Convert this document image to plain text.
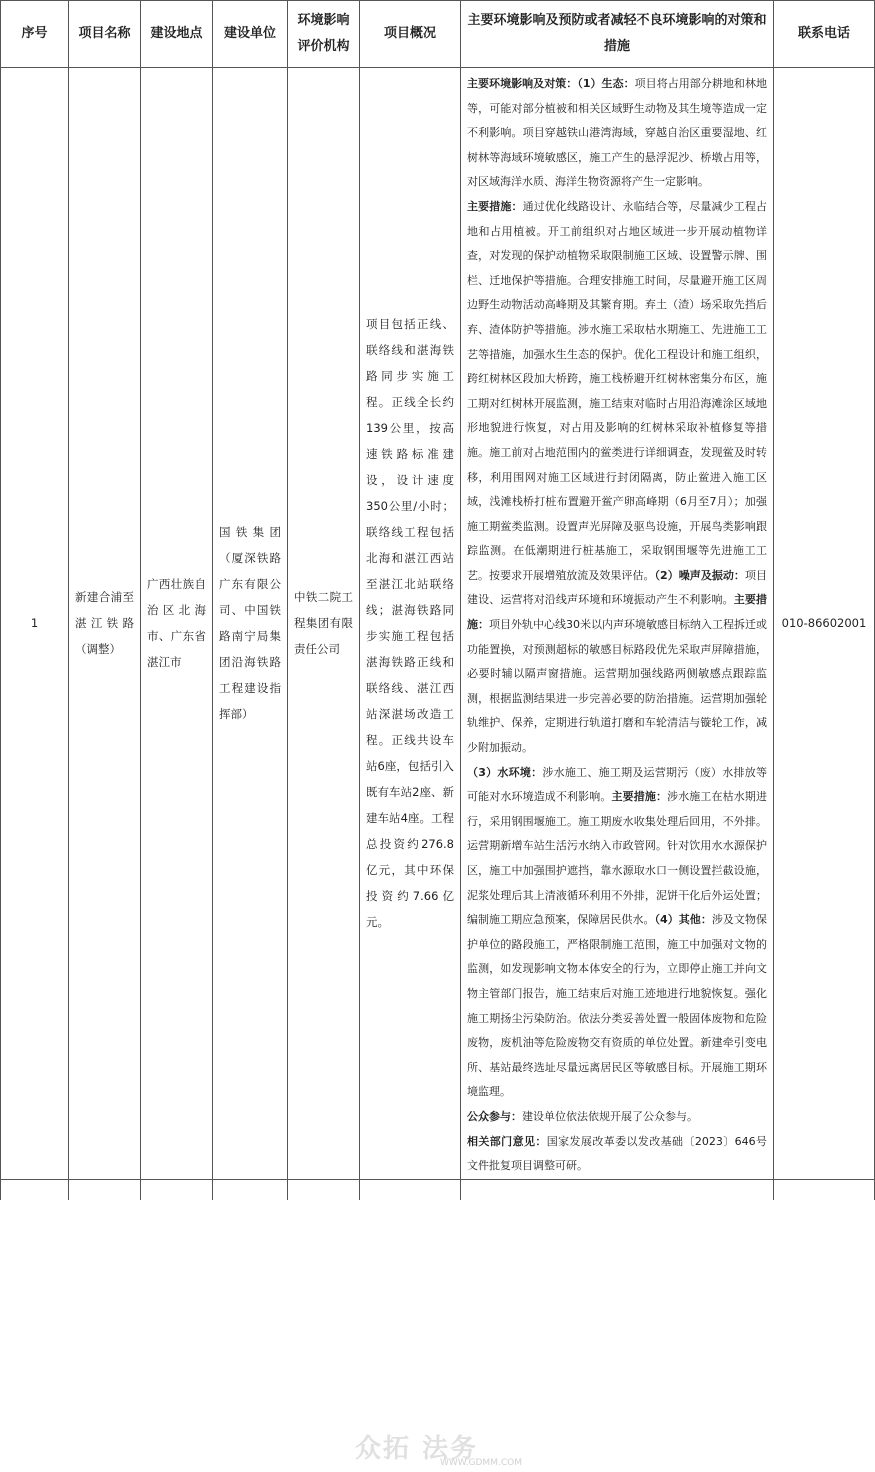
序号	项目名称	建设地点	建设单位	环境影响评价机构	项目概况	主要环境影响及预防或者减轻不良环境影响的对策和措施	联系电话
1	新建合浦至湛江铁路（调整）	广西壮族自治区北海市、广东省湛江市	国铁集团（厦深铁路广东有限公司、中国铁路南宁局集团沿海铁路工程建设指挥部）	中铁二院工程集团有限责任公司	项目包括正线、联络线和湛海铁路同步实施工程。正线全长约139公里，按高速铁路标准建设，设计速度350公里/小时；联络线工程包括北海和湛江西站至湛江北站联络线；湛海铁路同步实施工程包括湛海铁路正线和联络线、湛江西站深湛场改造工程。正线共设车站6座，包括引入既有车站2座、新建车站4座。工程总投资约276.8亿元，其中环保投资约7.66亿元。	主要环境影响及对策：（1）生态：项目将占用部分耕地和林地等，可能对部分植被和相关区域野生动物及其生境等造成一定不利影响。项目穿越铁山港湾海域，穿越自治区重要湿地、红树林等海域环境敏感区，施工产生的悬浮泥沙、桥墩占用等，对区域海洋水质、海洋生物资源将产生一定影响。

主要措施：通过优化线路设计、永临结合等，尽量减少工程占地和占用植被。开工前组织对占地区域进一步开展动植物详查，对发现的保护动植物采取限制施工区域、设置警示牌、围栏、迁地保护等措施。合理安排施工时间，尽量避开施工区周边野生动物活动高峰期及其繁育期。弃土（渣）场采取先挡后弃、渣体防护等措施。涉水施工采取枯水期施工、先进施工工艺等措施，加强水生生态的保护。优化工程设计和施工组织，跨红树林区段加大桥跨，施工栈桥避开红树林密集分布区，施工期对红树林开展监测，施工结束对临时占用沿海滩涂区域地形地貌进行恢复，对占用及影响的红树林采取补植修复等措施。施工前对占地范围内的鲎类进行详细调查，发现鲎及时转移，利用围网对施工区域进行封闭隔离，防止鲎进入施工区域，浅滩栈桥打桩布置避开鲎产卵高峰期（6月至7月）；加强施工期鲎类监测。设置声光屏障及驱鸟设施，开展鸟类影响跟踪监测。在低潮期进行桩基施工，采取钢围堰等先进施工工艺。按要求开展增殖放流及效果评估。（2）噪声及振动：项目建设、运营将对沿线声环境和环境振动产生不利影响。主要措施：项目外轨中心线30米以内声环境敏感目标纳入工程拆迁或功能置换，对预测超标的敏感目标路段优先采取声屏障措施，必要时辅以隔声窗措施。运营期加强线路两侧敏感点跟踪监测，根据监测结果进一步完善必要的防治措施。运营期加强轮轨维护、保养，定期进行轨道打磨和车轮清洁与镟轮工作，减少附加振动。

（3）水环境：涉水施工、施工期及运营期污（废）水排放等可能对水环境造成不利影响。主要措施：涉水施工在枯水期进行，采用钢围堰施工。施工期废水收集处理后回用，不外排。运营期新增车站生活污水纳入市政管网。针对饮用水水源保护区，施工中加强围护遮挡，靠水源取水口一侧设置拦截设施，泥浆处理后其上清液循环利用不外排，泥饼干化后外运处置；编制施工期应急预案，保障居民供水。（4）其他：涉及文物保护单位的路段施工，严格限制施工范围，施工中加强对文物的监测，如发现影响文物本体安全的行为，立即停止施工并向文物主管部门报告，施工结束后对施工迹地进行地貌恢复。强化施工期扬尘污染防治。依法分类妥善处置一般固体废物和危险废物，废机油等危险废物交有资质的单位处置。新建牵引变电所、基站最终选址尽量远离居民区等敏感目标。开展施工期环境监理。

公众参与：建设单位依法依规开展了公众参与。

相关部门意见：国家发展改革委以发改基础〔2023〕646号文件批复项目调整可研。	010-86602001

众拓 法务
WWW.GDMM.COM
